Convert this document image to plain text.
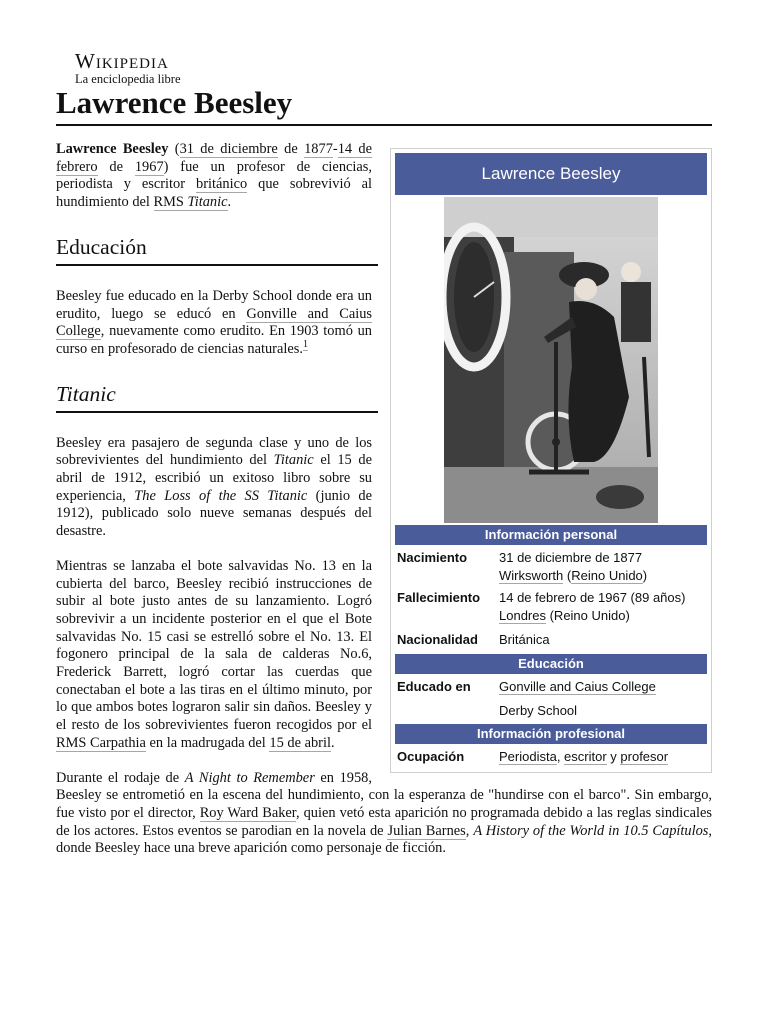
Wikipedia
La enciclopedia libre
Lawrence Beesley
Lawrence Beesley
Información personal
Nacimiento	31 de diciembre de 1877
Wirksworth (Reino Unido)
Fallecimiento	14 de febrero de 1967 (89 años)
Londres (Reino Unido)
Nacionalidad	Británica
Educación
Educado en	Gonville and Caius College
Derby School
Información profesional
Ocupación	Periodista, escritor y profesor

Lawrence Beesley (31 de diciembre de 1877-14 de febrero de 1967) fue un profesor de ciencias, periodista y escritor británico que sobrevivió al hundimiento del RMS Titanic.

Educación

Beesley fue educado en la Derby School donde era un erudito, luego se educó en Gonville and Caius College, nuevamente como erudito. En 1903 tomó un curso en profesorado de ciencias naturales.$^1$

Titanic

Beesley era pasajero de segunda clase y uno de los sobrevivientes del hundimiento del Titanic el 15 de abril de 1912, escribió un exitoso libro sobre su experiencia, The Loss of the SS Titanic (junio de 1912), publicado solo nueve semanas después del desastre.

Mientras se lanzaba el bote salvavidas No. 13 en la cubierta del barco, Beesley recibió instrucciones de subir al bote justo antes de su lanzamiento. Logró sobrevivir a un incidente posterior en el que el Bote salvavidas No. 15 casi se estrelló sobre el No. 13. El fogonero principal de la sala de calderas No.6, Frederick Barrett, logró cortar las cuerdas que conectaban el bote a las tiras en el último minuto, por lo que ambos botes lograron salir sin daños. Beesley y el resto de los sobrevivientes fueron recogidos por el RMS Carpathia en la madrugada del 15 de abril.

Durante el rodaje de A Night to Remember en 1958, Beesley se entrometió en la escena del hundimiento, con la esperanza de "hundirse con el barco". Sin embargo, fue visto por el director, Roy Ward Baker, quien vetó esta aparición no programada debido a las reglas sindicales de los actores. Estos eventos se parodian en la novela de Julian Barnes, A History of the World in 10.5 Capítulos, donde Beesley hace una breve aparición como personaje de ficción.
